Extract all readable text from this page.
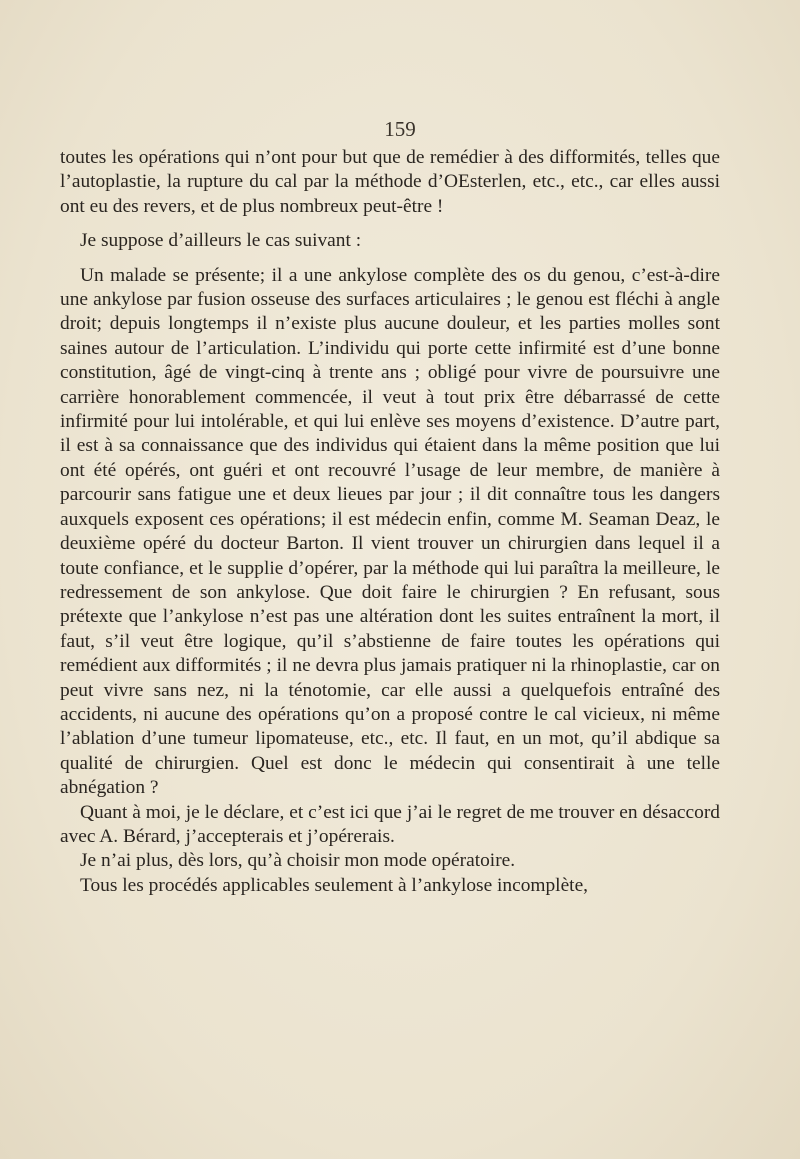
159

toutes les opérations qui n’ont pour but que de remédier à des difformités, telles que l’autoplastie, la rupture du cal par la méthode d’OEsterlen, etc., etc., car elles aussi ont eu des revers, et de plus nombreux peut-être !

Je suppose d’ailleurs le cas suivant :

Un malade se présente; il a une ankylose complète des os du genou, c’est-à-dire une ankylose par fusion osseuse des surfaces articulaires ; le genou est fléchi à angle droit; depuis longtemps il n’existe plus aucune douleur, et les parties molles sont saines autour de l’articulation. L’individu qui porte cette infirmité est d’une bonne constitution, âgé de vingt-cinq à trente ans ; obligé pour vivre de poursuivre une carrière honorablement commencée, il veut à tout prix être débarrassé de cette infirmité pour lui intolérable, et qui lui enlève ses moyens d’existence. D’autre part, il est à sa connaissance que des individus qui étaient dans la même position que lui ont été opérés, ont guéri et ont recouvré l’usage de leur membre, de manière à parcourir sans fatigue une et deux lieues par jour ; il dit connaître tous les dangers auxquels exposent ces opérations; il est médecin enfin, comme M. Seaman Deaz, le deuxième opéré du docteur Barton. Il vient trouver un chirurgien dans lequel il a toute confiance, et le supplie d’opérer, par la méthode qui lui paraîtra la meilleure, le redressement de son ankylose. Que doit faire le chirurgien ? En refusant, sous prétexte que l’ankylose n’est pas une altération dont les suites entraînent la mort, il faut, s’il veut être logique, qu’il s’abstienne de faire toutes les opérations qui remédient aux difformités ; il ne devra plus jamais pratiquer ni la rhinoplastie, car on peut vivre sans nez, ni la ténotomie, car elle aussi a quelquefois entraîné des accidents, ni aucune des opérations qu’on a proposé contre le cal vicieux, ni même l’ablation d’une tumeur lipomateuse, etc., etc. Il faut, en un mot, qu’il abdique sa qualité de chirurgien. Quel est donc le médecin qui consentirait à une telle abnégation ?

Quant à moi, je le déclare, et c’est ici que j’ai le regret de me trouver en désaccord avec A. Bérard, j’accepterais et j’opérerais.

Je n’ai plus, dès lors, qu’à choisir mon mode opératoire.

Tous les procédés applicables seulement à l’ankylose incomplète,
